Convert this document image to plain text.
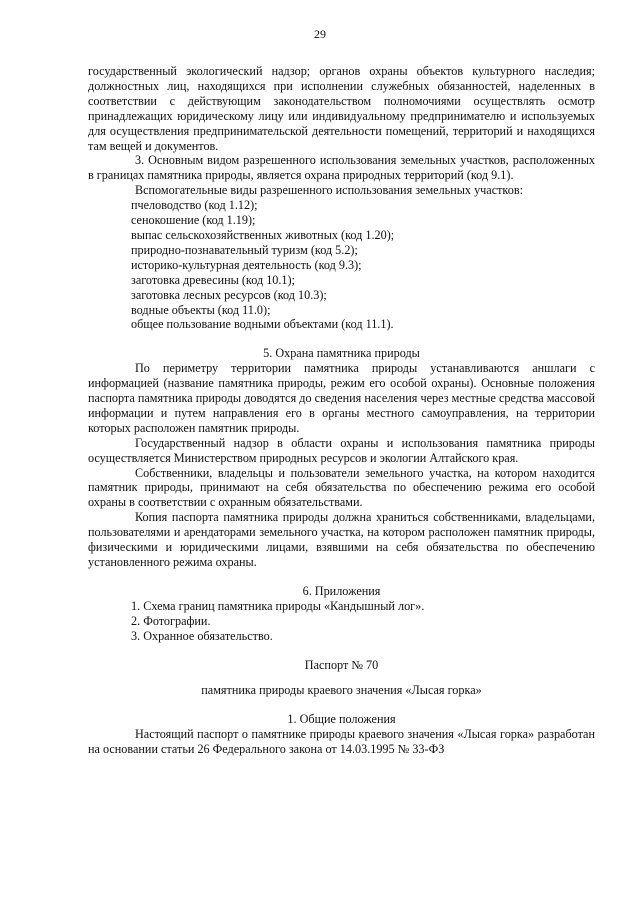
29

государственный экологический надзор; органов охраны объектов культурного наследия; должностных лиц, находящихся при исполнении служебных обязанностей, наделенных в соответствии с действующим законодательством полномочиями осуществлять осмотр принадлежащих юридическому лицу или индивидуальному предпринимателю и используемых для осуществления предпринимательской деятельности помещений, территорий и находящихся там вещей и документов.

3. Основным видом разрешенного использования земельных участков, расположенных в границах памятника природы, является охрана природных территорий (код 9.1).

Вспомогательные виды разрешенного использования земельных участков:

пчеловодство (код 1.12);

сенокошение (код 1.19);

выпас сельскохозяйственных животных (код 1.20);

природно-познавательный туризм (код 5.2);

историко-культурная деятельность (код 9.3);

заготовка древесины (код 10.1);

заготовка лесных ресурсов (код 10.3);

водные объекты (код 11.0);

общее пользование водными объектами (код 11.1).

5. Охрана памятника природы

По периметру территории памятника природы устанавливаются аншлаги с информацией (название памятника природы, режим его особой охраны). Основные положения паспорта памятника природы доводятся до сведения населения через местные средства массовой информации и путем направления его в органы местного самоуправления, на территории которых расположен памятник природы.

Государственный надзор в области охраны и использования памятника природы осуществляется Министерством природных ресурсов и экологии Алтайского края.

Собственники, владельцы и пользователи земельного участка, на котором находится памятник природы, принимают на себя обязательства по обеспечению режима его особой охраны в соответствии с охранным обязательствами.

Копия паспорта памятника природы должна храниться собственниками, владельцами, пользователями и арендаторами земельного участка, на котором расположен памятник природы, физическими и юридическими лицами, взявшими на себя обязательства по обеспечению установленного режима охраны.

6. Приложения

1. Схема границ памятника природы «Кандышный лог».

2. Фотографии.

3. Охранное обязательство.

Паспорт № 70
памятника природы краевого значения «Лысая горка»
1. Общие положения

Настоящий паспорт о памятнике природы краевого значения «Лысая горка» разработан на основании статьи 26 Федерального закона от 14.03.1995 № 33-ФЗ
